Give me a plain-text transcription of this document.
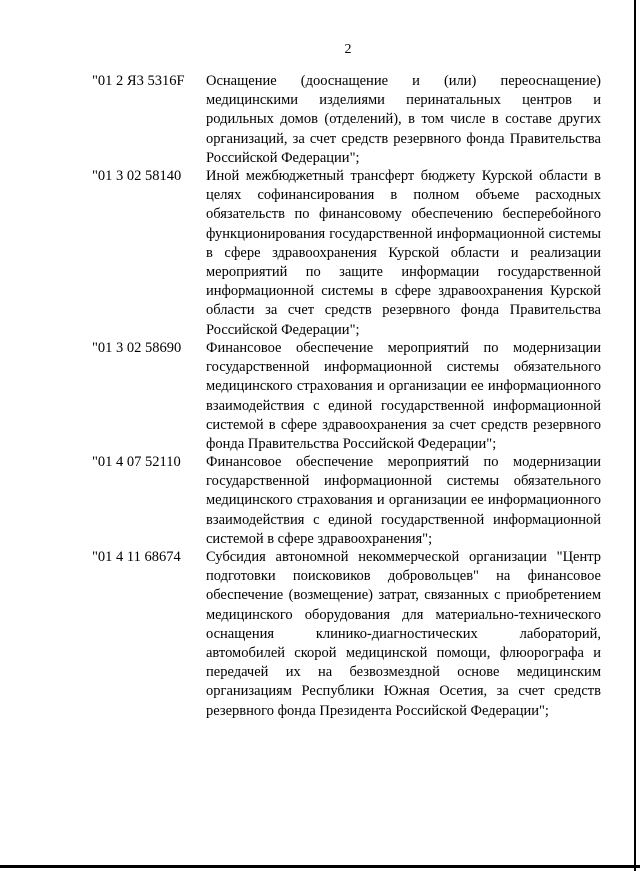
2
"01 2 Я3 5316F Оснащение (дооснащение и (или) переоснащение) медицинскими изделиями перинатальных центров и родильных домов (отделений), в том числе в составе других организаций, за счет средств резервного фонда Правительства Российской Федерации";
"01 3 02 58140 Иной межбюджетный трансферт бюджету Курской области в целях софинансирования в полном объеме расходных обязательств по финансовому обеспечению бесперебойного функционирования государственной информационной системы в сфере здравоохранения Курской области и реализации мероприятий по защите информации государственной информационной системы в сфере здравоохранения Курской области за счет средств резервного фонда Правительства Российской Федерации";
"01 3 02 58690 Финансовое обеспечение мероприятий по модернизации государственной информационной системы обязательного медицинского страхования и организации ее информационного взаимодействия с единой государственной информационной системой в сфере здравоохранения за счет средств резервного фонда Правительства Российской Федерации";
"01 4 07 52110 Финансовое обеспечение мероприятий по модернизации государственной информационной системы обязательного медицинского страхования и организации ее информационного взаимодействия с единой государственной информационной системой в сфере здравоохранения";
"01 4 11 68674 Субсидия автономной некоммерческой организации "Центр подготовки поисковиков добровольцев" на финансовое обеспечение (возмещение) затрат, связанных с приобретением медицинского оборудования для материально-технического оснащения клинико-диагностических лабораторий, автомобилей скорой медицинской помощи, флюорографа и передачей их на безвозмездной основе медицинским организациям Республики Южная Осетия, за счет средств резервного фонда Президента Российской Федерации";
